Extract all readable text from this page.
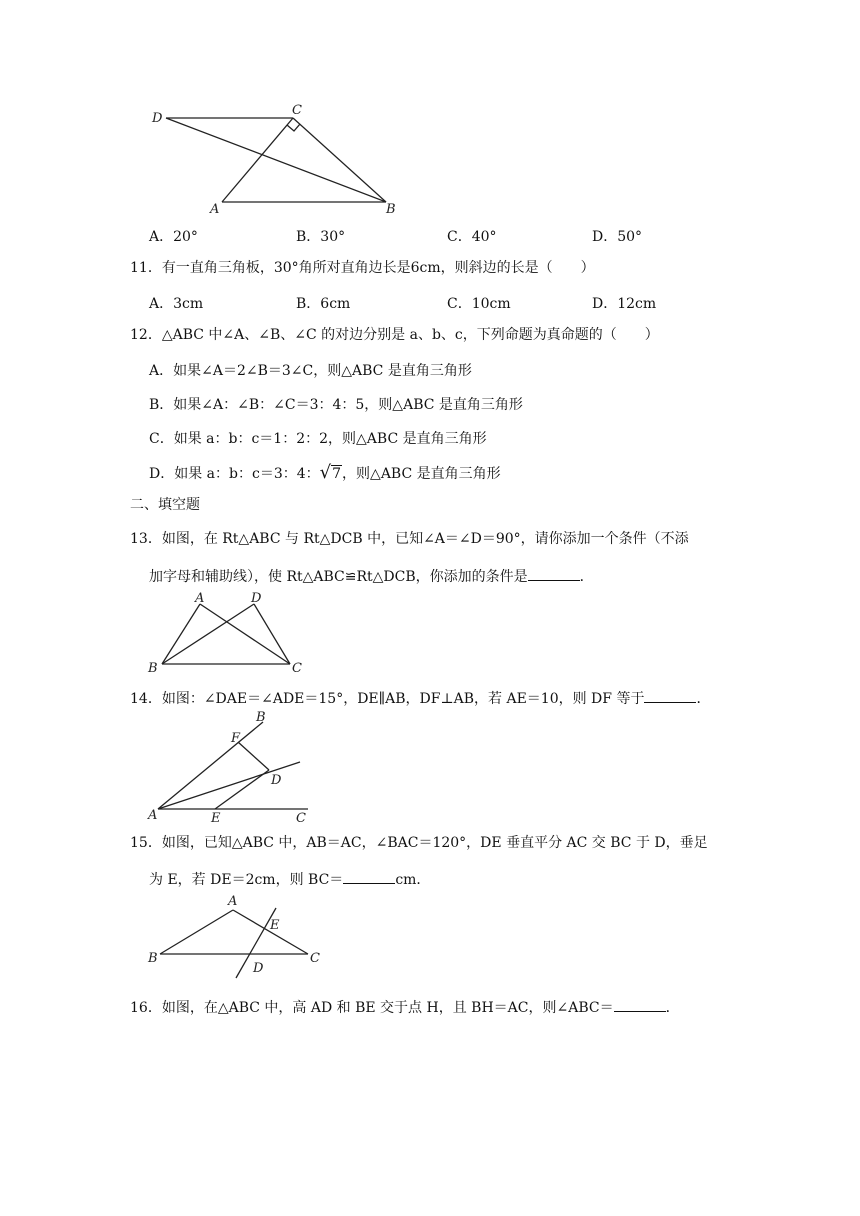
D
C
A	B
A．20°	B．30°	C．40°	D．50°
11．有一直角三角板，30°角所对直角边长是6cm，则斜边的长是（　　）
A．3cm	B．6cm	C．10cm	D．12cm
12．△ABC 中∠A、∠B、∠C 的对边分别是 a、b、c，下列命题为真命题的（　　）
A．如果∠A＝2∠B＝3∠C，则△ABC 是直角三角形
B．如果∠A：∠B：∠C＝3：4：5，则△ABC 是直角三角形
C．如果 a：b：c＝1：2：2，则△ABC 是直角三角形
D．如果 a：b：c＝3：4：√7，则△ABC 是直角三角形
二、填空题
13．如图，在 Rt△ABC 与 Rt△DCB 中，已知∠A＝∠D＝90°，请你添加一个条件（不添
加字母和辅助线），使 Rt△ABC≌Rt△DCB，你添加的条件是	．
A	D
B	C
14．如图：∠DAE＝∠ADE＝15°，DE∥AB，DF⊥AB，若 AE＝10，则 DF 等于	．
B
F
D
A	E	C
15．如图，已知△ABC 中，AB＝AC，∠BAC＝120°，DE 垂直平分 AC 交 BC 于 D，垂足
为 E，若 DE＝2cm，则 BC＝	cm．
A
E
B	C
D
16．如图，在△ABC 中，高 AD 和 BE 交于点 H，且 BH＝AC，则∠ABC＝	．
